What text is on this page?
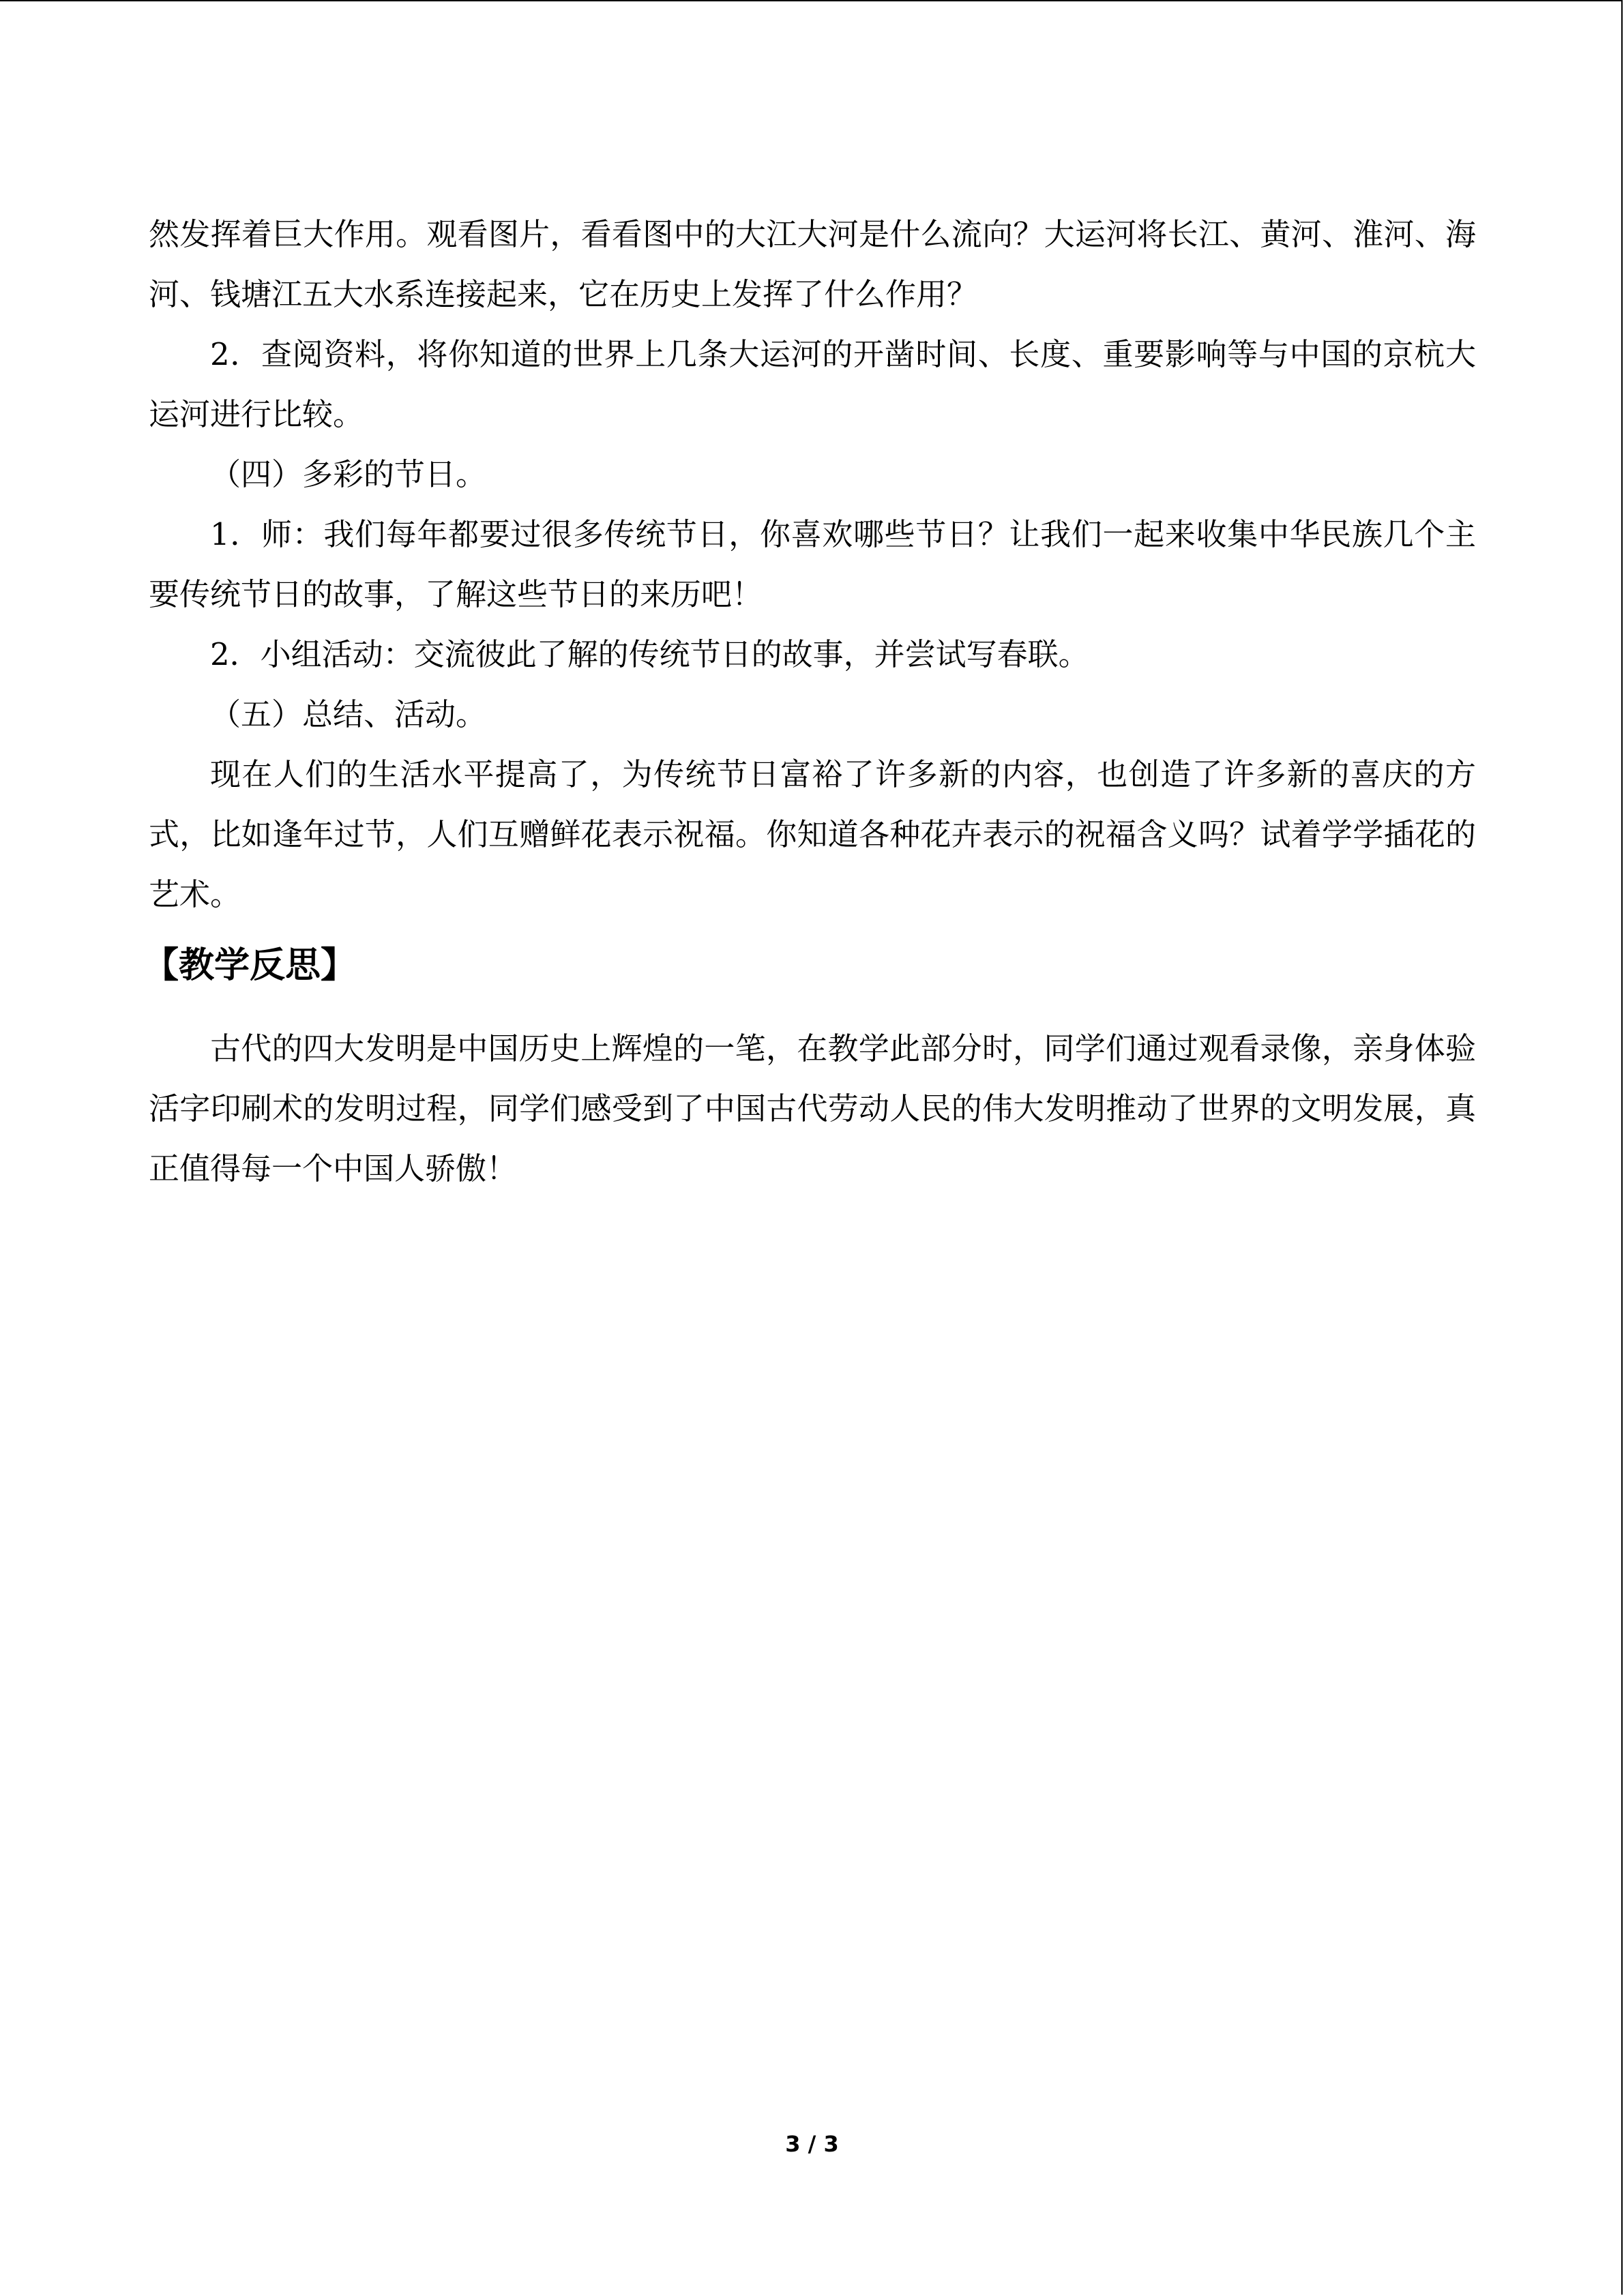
然发挥着巨大作用。观看图片，看看图中的大江大河是什么流向？大运河将长江、黄河、淮河、海河、钱塘江五大水系连接起来，它在历史上发挥了什么作用？

2．查阅资料，将你知道的世界上几条大运河的开凿时间、长度、重要影响等与中国的京杭大运河进行比较。

（四）多彩的节日。

1．师：我们每年都要过很多传统节日，你喜欢哪些节日？让我们一起来收集中华民族几个主要传统节日的故事，了解这些节日的来历吧！

2．小组活动：交流彼此了解的传统节日的故事，并尝试写春联。

（五）总结、活动。

现在人们的生活水平提高了，为传统节日富裕了许多新的内容，也创造了许多新的喜庆的方式，比如逢年过节，人们互赠鲜花表示祝福。你知道各种花卉表示的祝福含义吗？试着学学插花的艺术。

【教学反思】

古代的四大发明是中国历史上辉煌的一笔，在教学此部分时，同学们通过观看录像，亲身体验活字印刷术的发明过程，同学们感受到了中国古代劳动人民的伟大发明推动了世界的文明发展，真正值得每一个中国人骄傲！

3 / 3
